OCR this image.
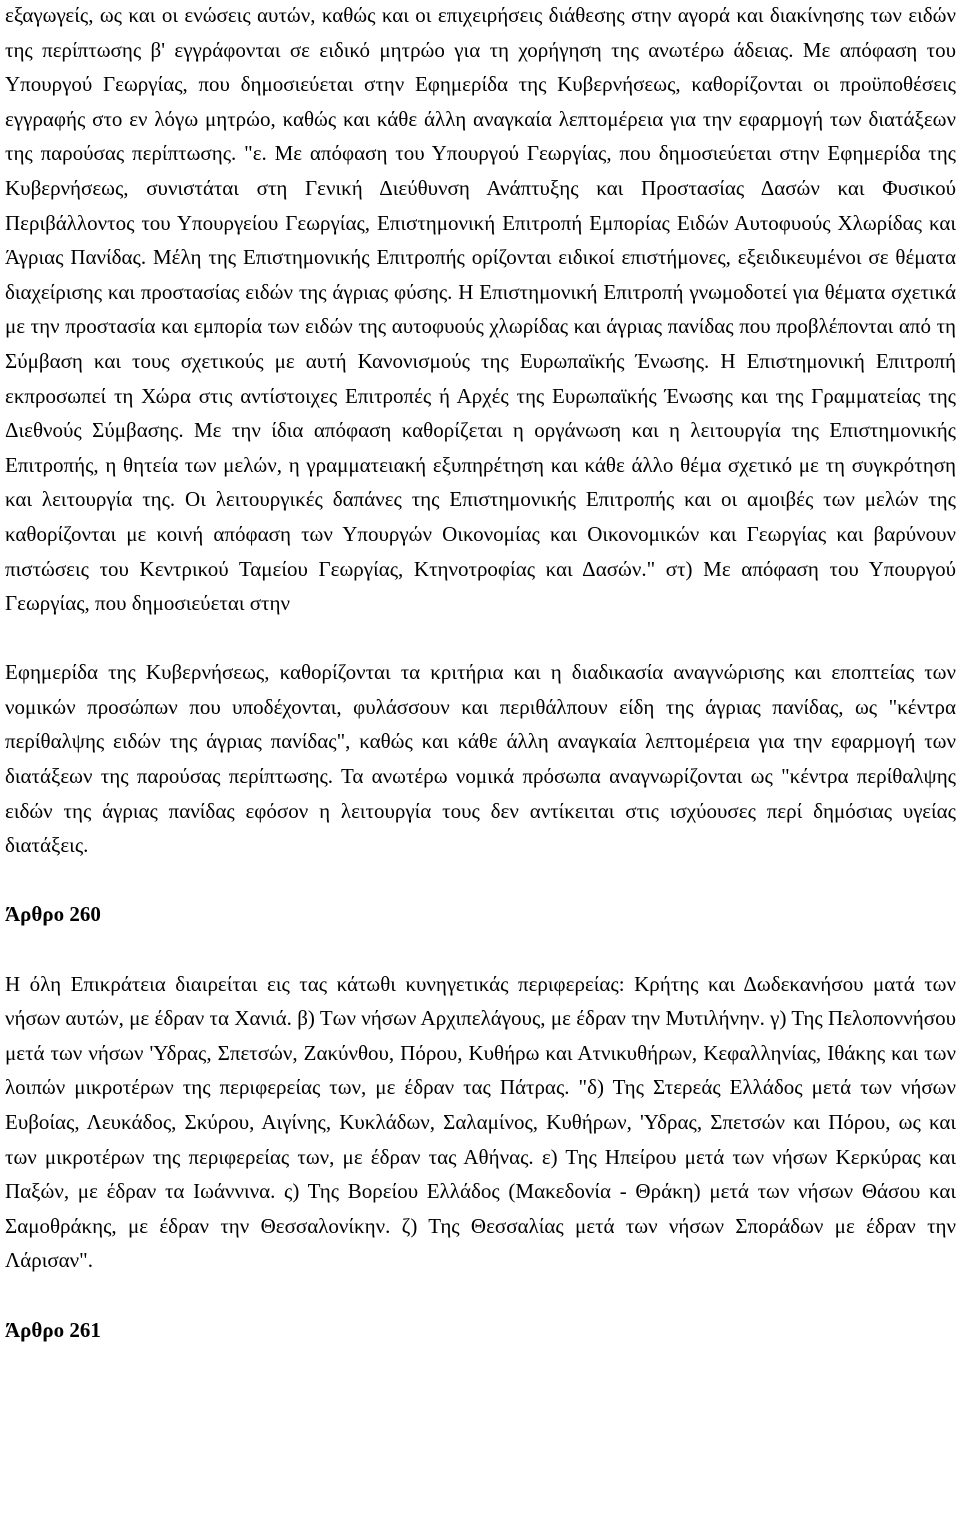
εξαγωγείς, ως και οι ενώσεις αυτών, καθώς και οι επιχειρήσεις διάθεσης στην αγορά και διακίνησης των ειδών της περίπτωσης β' εγγράφονται σε ειδικό μητρώο για τη χορήγηση της ανωτέρω άδειας. Με απόφαση του Υπουργού Γεωργίας, που δημοσιεύεται στην Εφημερίδα της Κυβερνήσεως, καθορίζονται οι προϋποθέσεις εγγραφής στο εν λόγω μητρώο, καθώς και κάθε άλλη αναγκαία λεπτομέρεια για την εφαρμογή των διατάξεων της παρούσας περίπτωσης. "ε. Με απόφαση του Υπουργού Γεωργίας, που δημοσιεύεται στην Εφημερίδα της Κυβερνήσεως, συνιστάται στη Γενική Διεύθυνση Ανάπτυξης και Προστασίας Δασών και Φυσικού Περιβάλλοντος του Υπουργείου Γεωργίας, Επιστημονική Επιτροπή Εμπορίας Ειδών Αυτοφυούς Χλωρίδας και Άγριας Πανίδας. Μέλη της Επιστημονικής Επιτροπής ορίζονται ειδικοί επιστήμονες, εξειδικευμένοι σε θέματα διαχείρισης και προστασίας ειδών της άγριας φύσης. Η Επιστημονική Επιτροπή γνωμοδοτεί για θέματα σχετικά με την προστασία και εμπορία των ειδών της αυτοφυούς χλωρίδας και άγριας πανίδας που προβλέπονται από τη Σύμβαση και τους σχετικούς με αυτή Κανονισμούς της Ευρωπαϊκής Ένωσης. Η Επιστημονική Επιτροπή εκπροσωπεί τη Χώρα στις αντίστοιχες Επιτροπές ή Αρχές της Ευρωπαϊκής Ένωσης και της Γραμματείας της Διεθνούς Σύμβασης. Με την ίδια απόφαση καθορίζεται η οργάνωση και η λειτουργία της Επιστημονικής Επιτροπής, η θητεία των μελών, η γραμματειακή εξυπηρέτηση και κάθε άλλο θέμα σχετικό με τη συγκρότηση και λειτουργία της. Οι λειτουργικές δαπάνες της Επιστημονικής Επιτροπής και οι αμοιβές των μελών της καθορίζονται με κοινή απόφαση των Υπουργών Οικονομίας και Οικονομικών και Γεωργίας και βαρύνουν πιστώσεις του Κεντρικού Ταμείου Γεωργίας, Κτηνοτροφίας και Δασών." στ) Με απόφαση του Υπουργού Γεωργίας, που δημοσιεύεται στην

Εφημερίδα της Κυβερνήσεως, καθορίζονται τα κριτήρια και η διαδικασία αναγνώρισης και εποπτείας των νομικών προσώπων που υποδέχονται, φυλάσσουν και περιθάλπουν είδη της άγριας πανίδας, ως "κέντρα περίθαλψης ειδών της άγριας πανίδας", καθώς και κάθε άλλη αναγκαία λεπτομέρεια για την εφαρμογή των διατάξεων της παρούσας περίπτωσης. Τα ανωτέρω νομικά πρόσωπα αναγνωρίζονται ως "κέντρα περίθαλψης ειδών της άγριας πανίδας εφόσον η λειτουργία τους δεν αντίκειται στις ισχύουσες περί δημόσιας υγείας διατάξεις.

Άρθρο 260

Η όλη Επικράτεια διαιρείται εις τας κάτωθι κυνηγετικάς περιφερείας: Κρήτης και Δωδεκανήσου ματά των νήσων αυτών, με έδραν τα Χανιά. β) Των νήσων Αρχιπελάγους, με έδραν την Μυτιλήνην. γ) Της Πελοποννήσου μετά των νήσων 'Υδρας, Σπετσών, Ζακύνθου, Πόρου, Κυθήρω και Ατνικυθήρων, Κεφαλληνίας, Ιθάκης και των λοιπών μικροτέρων της περιφερείας των, με έδραν τας Πάτρας. "δ) Της Στερεάς Ελλάδος μετά των νήσων Ευβοίας, Λευκάδος, Σκύρου, Αιγίνης, Κυκλάδων, Σαλαμίνος, Κυθήρων, 'Υδρας, Σπετσών και Πόρου, ως και των μικροτέρων της περιφερείας των, με έδραν τας Αθήνας. ε) Της Ηπείρου μετά των νήσων Κερκύρας και Παξών, με έδραν τα Ιωάννινα. ς) Της Βορείου Ελλάδος (Μακεδονία - Θράκη) μετά των νήσων Θάσου και Σαμοθράκης, με έδραν την Θεσσαλονίκην. ζ) Της Θεσσαλίας μετά των νήσων Σποράδων με έδραν την Λάρισαν".

Άρθρο 261
